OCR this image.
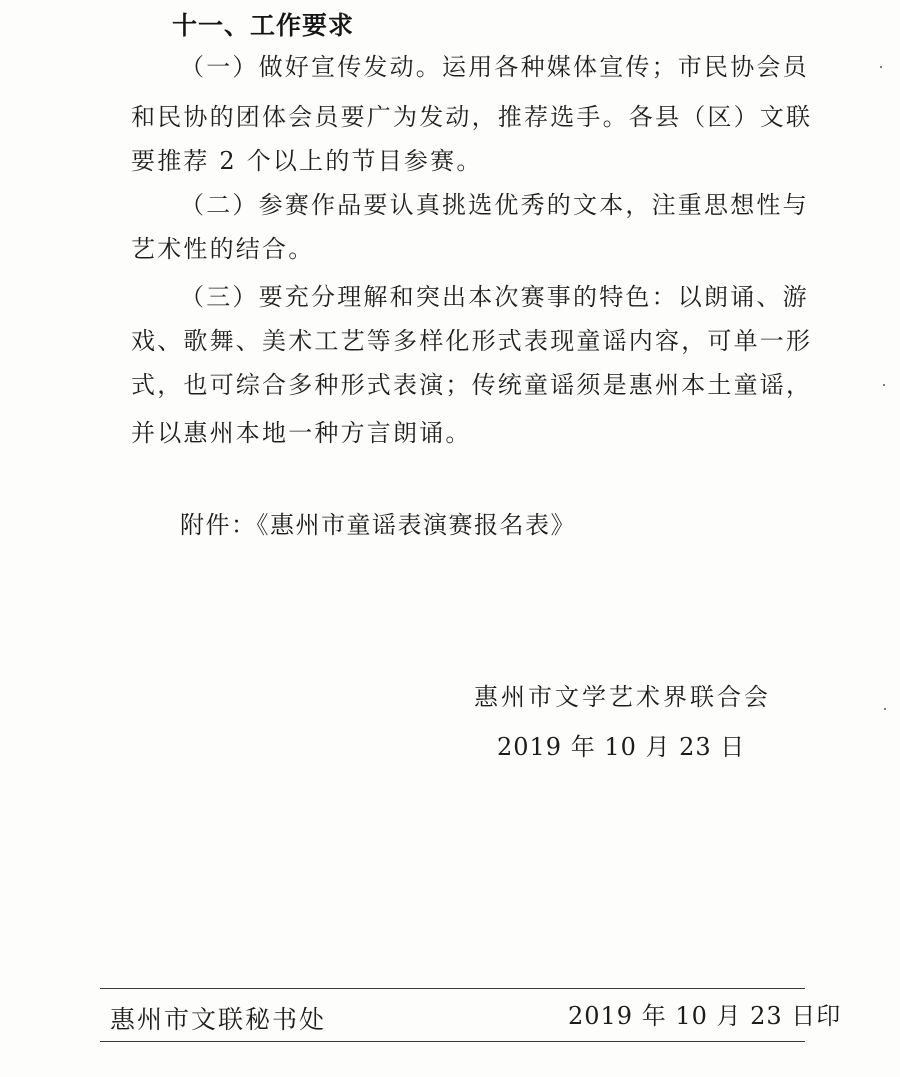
十一、工作要求
（一）做好宣传发动。运用各种媒体宣传；市民协会员
和民协的团体会员要广为发动，推荐选手。各县（区）文联
要推荐 2 个以上的节目参赛。
（二）参赛作品要认真挑选优秀的文本，注重思想性与
艺术性的结合。
（三）要充分理解和突出本次赛事的特色：以朗诵、游
戏、歌舞、美术工艺等多样化形式表现童谣内容，可单一形
式，也可综合多种形式表演；传统童谣须是惠州本土童谣，
并以惠州本地一种方言朗诵。
附件：《惠州市童谣表演赛报名表》
惠州市文学艺术界联合会
2019 年 10 月 23 日
惠州市文联秘书处	2019 年 10 月 23 日印
